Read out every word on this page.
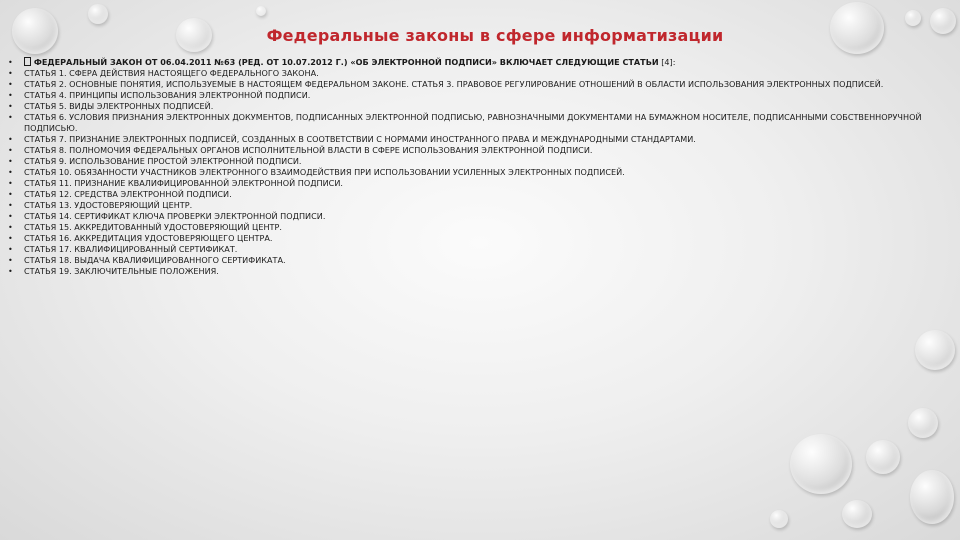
Федеральные законы в сфере информатизации
• ФЕДЕРАЛЬНЫЙ ЗАКОН ОТ 06.04.2011 №63 (РЕД. ОТ 10.07.2012 Г.) «ОБ ЭЛЕКТРОННОЙ ПОДПИСИ» ВКЛЮЧАЕТ СЛЕДУЮЩИЕ СТАТЬИ [4]:
• СТАТЬЯ 1. СФЕРА ДЕЙСТВИЯ НАСТОЯЩЕГО ФЕДЕРАЛЬНОГО ЗАКОНА.
• СТАТЬЯ 2. ОСНОВНЫЕ ПОНЯТИЯ, ИСПОЛЬЗУЕМЫЕ В НАСТОЯЩЕМ ФЕДЕРАЛЬНОМ ЗАКОНЕ. СТАТЬЯ 3. ПРАВОВОЕ РЕГУЛИРОВАНИЕ ОТНОШЕНИЙ В ОБЛАСТИ ИСПОЛЬЗОВАНИЯ ЭЛЕКТРОННЫХ ПОДПИСЕЙ.
• СТАТЬЯ 4. ПРИНЦИПЫ ИСПОЛЬЗОВАНИЯ ЭЛЕКТРОННОЙ ПОДПИСИ.
• СТАТЬЯ 5. ВИДЫ ЭЛЕКТРОННЫХ ПОДПИСЕЙ.
• СТАТЬЯ 6. УСЛОВИЯ ПРИЗНАНИЯ ЭЛЕКТРОННЫХ ДОКУМЕНТОВ, ПОДПИСАННЫХ ЭЛЕКТРОННОЙ ПОДПИСЬЮ, РАВНОЗНАЧНЫМИ ДОКУМЕНТАМИ НА БУМАЖНОМ НОСИТЕЛЕ, ПОДПИСАННЫМИ СОБСТВЕННОРУЧНОЙ ПОДПИСЬЮ.
• СТАТЬЯ 7. ПРИЗНАНИЕ ЭЛЕКТРОННЫХ ПОДПИСЕЙ, СОЗДАННЫХ В СООТВЕТСТВИИ С НОРМАМИ ИНОСТРАННОГО ПРАВА И МЕЖДУНАРОДНЫМИ СТАНДАРТАМИ.
• СТАТЬЯ 8. ПОЛНОМОЧИЯ ФЕДЕРАЛЬНЫХ ОРГАНОВ ИСПОЛНИТЕЛЬНОЙ ВЛАСТИ В СФЕРЕ ИСПОЛЬЗОВАНИЯ ЭЛЕКТРОННОЙ ПОДПИСИ.
• СТАТЬЯ 9. ИСПОЛЬЗОВАНИЕ ПРОСТОЙ ЭЛЕКТРОННОЙ ПОДПИСИ.
• СТАТЬЯ 10. ОБЯЗАННОСТИ УЧАСТНИКОВ ЭЛЕКТРОННОГО ВЗАИМОДЕЙСТВИЯ ПРИ ИСПОЛЬЗОВАНИИ УСИЛЕННЫХ ЭЛЕКТРОННЫХ ПОДПИСЕЙ.
• СТАТЬЯ 11. ПРИЗНАНИЕ КВАЛИФИЦИРОВАННОЙ ЭЛЕКТРОННОЙ ПОДПИСИ.
• СТАТЬЯ 12. СРЕДСТВА ЭЛЕКТРОННОЙ ПОДПИСИ.
• СТАТЬЯ 13. УДОСТОВЕРЯЮЩИЙ ЦЕНТР.
• СТАТЬЯ 14. СЕРТИФИКАТ КЛЮЧА ПРОВЕРКИ ЭЛЕКТРОННОЙ ПОДПИСИ.
• СТАТЬЯ 15. АККРЕДИТОВАННЫЙ УДОСТОВЕРЯЮЩИЙ ЦЕНТР.
• СТАТЬЯ 16. АККРЕДИТАЦИЯ УДОСТОВЕРЯЮЩЕГО ЦЕНТРА.
• СТАТЬЯ 17. КВАЛИФИЦИРОВАННЫЙ СЕРТИФИКАТ.
• СТАТЬЯ 18. ВЫДАЧА КВАЛИФИЦИРОВАННОГО СЕРТИФИКАТА.
• СТАТЬЯ 19. ЗАКЛЮЧИТЕЛЬНЫЕ ПОЛОЖЕНИЯ.
